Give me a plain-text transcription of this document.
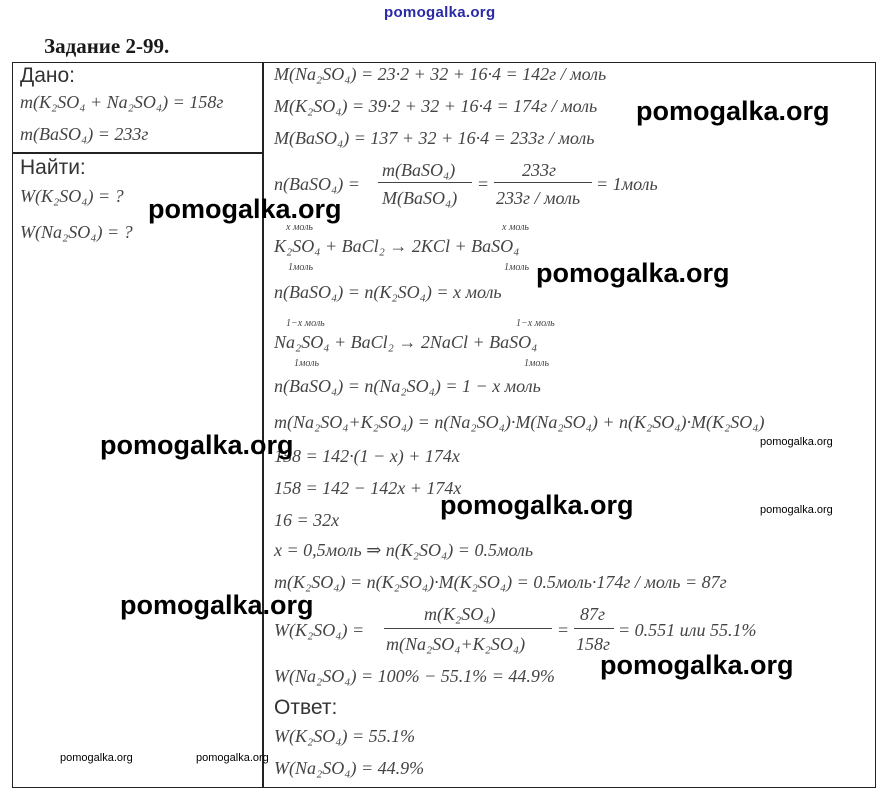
pomogalka.org
Задание 2-99.
Дано:
m(K₂SO₄ + Na₂SO₄) = 158г
m(BaSO₄) = 233г
Найти:
W(K₂SO₄) = ?
W(Na₂SO₄) = ?
M(Na₂SO₄) = 23·2 + 32 + 16·4 = 142г / моль
M(K₂SO₄) = 39·2 + 32 + 16·4 = 174г / моль
M(BaSO₄) = 137 + 32 + 16·4 = 233г / моль
n(BaSO₄) =
m(BaSO₄)
M(BaSO₄)
=
233г
233г / моль
= 1моль
x моль	x моль
K₂SO₄ + BaCl₂ → 2KCl + BaSO₄
1моль	1моль
n(BaSO₄) = n(K₂SO₄) = x моль
1−x моль	1−x моль
Na₂SO₄ + BaCl₂ → 2NaCl + BaSO₄
1моль	1моль
n(BaSO₄) = n(Na₂SO₄) = 1 − x моль
m(Na₂SO₄+K₂SO₄) = n(Na₂SO₄)·M(Na₂SO₄) + n(K₂SO₄)·M(K₂SO₄)
158 = 142·(1 − x) + 174x
158 = 142 − 142x + 174x
16 = 32x
x = 0,5моль ⇒ n(K₂SO₄) = 0.5моль
m(K₂SO₄) = n(K₂SO₄)·M(K₂SO₄) = 0.5моль·174г / моль = 87г
W(K₂SO₄) =
m(K₂SO₄)
m(Na₂SO₄+K₂SO₄)
=
87г
158г
= 0.551 или 55.1%
W(Na₂SO₄) = 100% − 55.1% = 44.9%
Ответ:
W(K₂SO₄) = 55.1%
W(Na₂SO₄) = 44.9%
pomogalka.org
pomogalka.org
pomogalka.org
pomogalka.org	pomogalka.org
pomogalka.org	pomogalka.org
pomogalka.org
pomogalka.org
pomogalka.org	pomogalka.org
